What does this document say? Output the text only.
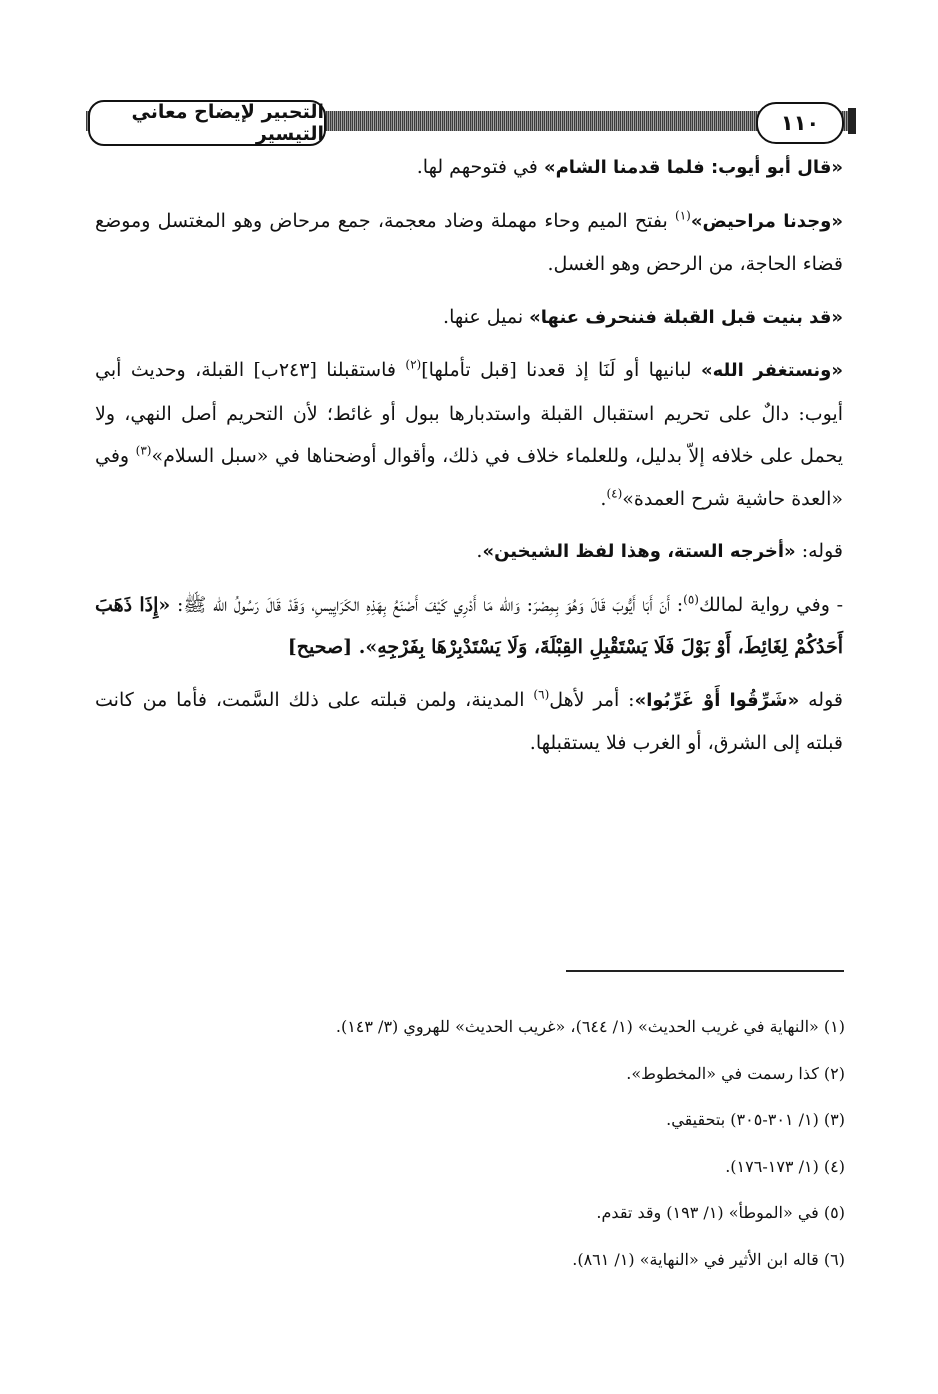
التحبير لإيضاح معاني التيسير	١١٠

«قال أبو أيوب: فلما قدمنا الشام» في فتوحهم لها.

«وجدنا مراحيض»$^{(١)}$ بفتح الميم وحاء مهملة وضاد معجمة، جمع مرحاض وهو المغتسل وموضع قضاء الحاجة، من الرحض وهو الغسل.

«قد بنيت قبل القبلة فننحرف عنها» نميل عنها.

«ونستغفر الله» لبانيها أو لَنَا إذ قعدنا [قبل تأملها]$^{(٢)}$ فاستقبلنا [٢٤٣ب] القبلة، وحديث أبي أيوب: دالٌ على تحريم استقبال القبلة واستدبارها ببول أو غائط؛ لأن التحريم أصل النهي، ولا يحمل على خلافه إلاّ بدليل، وللعلماء خلاف في ذلك، وأقوال أوضحناها في «سبل السلام»$^{(٣)}$ وفي «العدة حاشية شرح العمدة»$^{(٤)}$.

قوله: «أخرجه الستة، وهذا لفظ الشيخين».

- وفي رواية لمالك$^{(٥)}$: أَنَ أَبَا أَيُّوبَ قَالَ وَهُوَ بِمِصْرَ: وَالله مَا أَدْرِي كَيْفَ أَصْنَعُ بِهَذِهِ الكَرَايِيسِ، وَقَدْ قَالَ رَسُولُ الله ﷺ: «إِذَا ذَهَبَ أَحَدُكُمْ لِغَائِطَ، أَوْ بَوْلَ فَلَا يَسْتَقْبِلِ القِبْلَةَ، وَلَا يَسْتَدْبِرْهَا بِفَرْجِهِ». [صحيح]

قوله «شَرِّقُوا أَوْ غَرِّبُوا»: أمر لأهل$^{(٦)}$ المدينة، ولمن قبلته على ذلك السَّمت، فأما من كانت قبلته إلى الشرق، أو الغرب فلا يستقبلها.

(١) «النهاية في غريب الحديث» (١/ ٦٤٤)، «غريب الحديث» للهروي (٣/ ١٤٣).
(٢) كذا رسمت في «المخطوط».
(٣) (١/ ٣٠١-٣٠٥) بتحقيقي.
(٤) (١/ ١٧٣-١٧٦).
(٥) في «الموطأ» (١/ ١٩٣) وقد تقدم.
(٦) قاله ابن الأثير في «النهاية» (١/ ٨٦١).
